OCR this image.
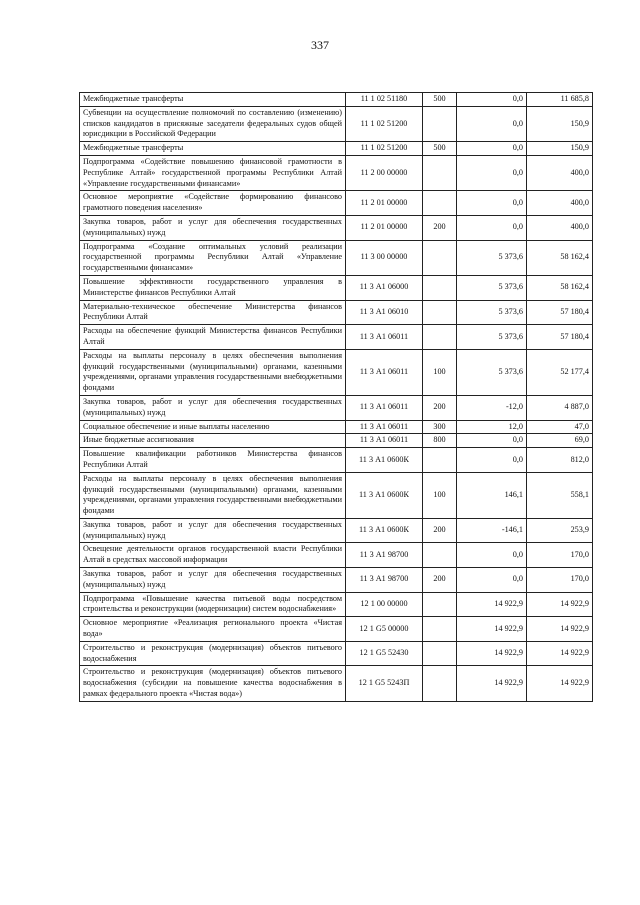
337
Межбюджетные трансферты	11 1 02 51180	500	0,0	11 685,8
Субвенции на осуществление полномочий по составлению (изменению) списков кандидатов в присяжные заседатели федеральных судов общей юрисдикции в Российской Федерации	11 1 02 51200		0,0	150,9
Межбюджетные трансферты	11 1 02 51200	500	0,0	150,9
Подпрограмма «Содействие повышению финансовой грамотности в Республике Алтай» государственной программы Республики Алтай «Управление государственными финансами»	11 2 00 00000		0,0	400,0
Основное мероприятие «Содействие формированию финансово грамотного поведения населения»	11 2 01 00000		0,0	400,0
Закупка товаров, работ и услуг для обеспечения государственных (муниципальных) нужд	11 2 01 00000	200	0,0	400,0
Подпрограмма «Создание оптимальных условий реализации государственной программы Республики Алтай «Управление государственными финансами»	11 3 00 00000		5 373,6	58 162,4
Повышение эффективности государственного управления в Министерстве финансов Республики Алтай	11 3 А1 06000		5 373,6	58 162,4
Материально-техническое обеспечение Министерства финансов Республики Алтай	11 3 А1 06010		5 373,6	57 180,4
Расходы на обеспечение функций Министерства финансов Республики Алтай	11 3 А1 06011		5 373,6	57 180,4
Расходы на выплаты персоналу в целях обеспечения выполнения функций государственными (муниципальными) органами, казенными учреждениями, органами управления государственными внебюджетными фондами	11 3 А1 06011	100	5 373,6	52 177,4
Закупка товаров, работ и услуг для обеспечения государственных (муниципальных) нужд	11 3 А1 06011	200	-12,0	4 887,0
Социальное обеспечение и иные выплаты населению	11 3 А1 06011	300	12,0	47,0
Иные бюджетные ассигнования	11 3 А1 06011	800	0,0	69,0
Повышение квалификации работников Министерства финансов Республики Алтай	11 3 А1 0600К		0,0	812,0
Расходы на выплаты персоналу в целях обеспечения выполнения функций государственными (муниципальными) органами, казенными учреждениями, органами управления государственными внебюджетными фондами	11 3 А1 0600К	100	146,1	558,1
Закупка товаров, работ и услуг для обеспечения государственных (муниципальных) нужд	11 3 А1 0600К	200	-146,1	253,9
Освещение деятельности органов государственной власти Республики Алтай в средствах массовой информации	11 3 А1 98700		0,0	170,0
Закупка товаров, работ и услуг для обеспечения государственных (муниципальных) нужд	11 3 А1 98700	200	0,0	170,0
Подпрограмма «Повышение качества питьевой воды посредством строительства и реконструкции (модернизации) систем водоснабжения»	12 1 00 00000		14 922,9	14 922,9
Основное мероприятие «Реализация регионального проекта «Чистая вода»	12 1 G5 00000		14 922,9	14 922,9
Строительство и реконструкция (модернизация) объектов питьевого водоснабжения	12 1 G5 52430		14 922,9	14 922,9
Строительство и реконструкция (модернизация) объектов питьевого водоснабжения (субсидии на повышение качества водоснабжения в рамках федерального проекта «Чистая вода»)	12 1 G5 5243П		14 922,9	14 922,9
